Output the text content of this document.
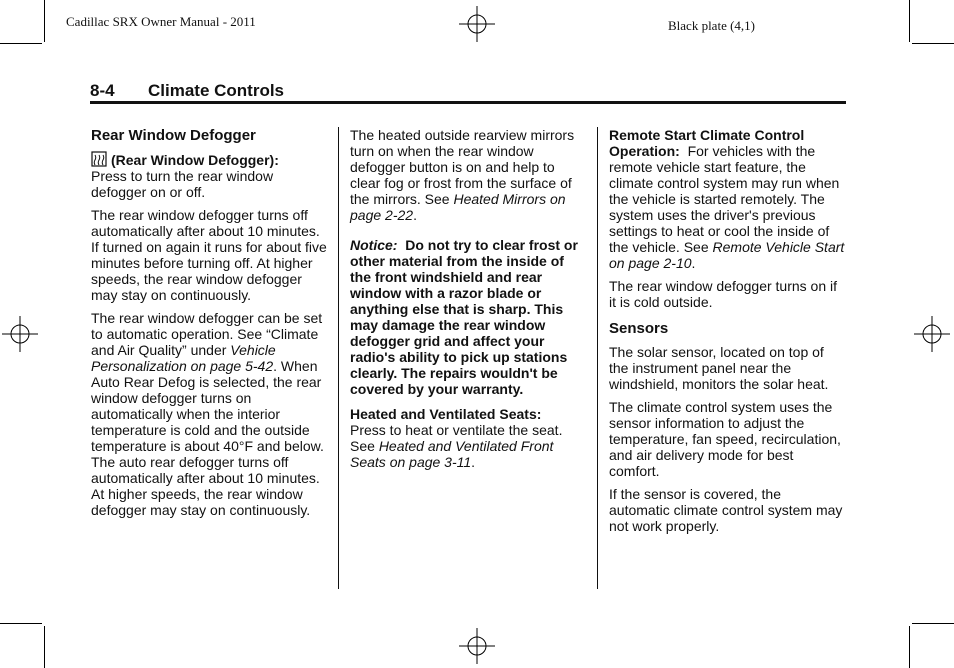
Cadillac SRX Owner Manual - 2011	Black plate (4,1)
8-4 Climate Controls
Rear Window Defogger

(Rear Window Defogger):
Press to turn the rear window defogger on or off.

The rear window defogger turns off automatically after about 10 minutes. If turned on again it runs for about five minutes before turning off. At higher speeds, the rear window defogger may stay on continuously.

The rear window defogger can be set to automatic operation. See “Climate and Air Quality” under Vehicle Personalization on page 5‑42. When Auto Rear Defog is selected, the rear window defogger turns on automatically when the interior temperature is cold and the outside temperature is about 40°F and below. The auto rear defogger turns off automatically after about 10 minutes. At higher speeds, the rear window defogger may stay on continuously.

The heated outside rearview mirrors turn on when the rear window defogger button is on and help to clear fog or frost from the surface of the mirrors. See Heated Mirrors on page 2‑22.

Notice: Do not try to clear frost or other material from the inside of the front windshield and rear window with a razor blade or anything else that is sharp. This may damage the rear window defogger grid and affect your radio's ability to pick up stations clearly. The repairs wouldn't be covered by your warranty.

Heated and Ventilated Seats:
Press to heat or ventilate the seat. See Heated and Ventilated Front Seats on page 3‑11.

Remote Start Climate Control Operation: For vehicles with the remote vehicle start feature, the climate control system may run when the vehicle is started remotely. The system uses the driver's previous settings to heat or cool the inside of the vehicle. See Remote Vehicle Start on page 2‑10.

The rear window defogger turns on if it is cold outside.

Sensors

The solar sensor, located on top of the instrument panel near the windshield, monitors the solar heat.

The climate control system uses the sensor information to adjust the temperature, fan speed, recirculation, and air delivery mode for best comfort.

If the sensor is covered, the automatic climate control system may not work properly.
